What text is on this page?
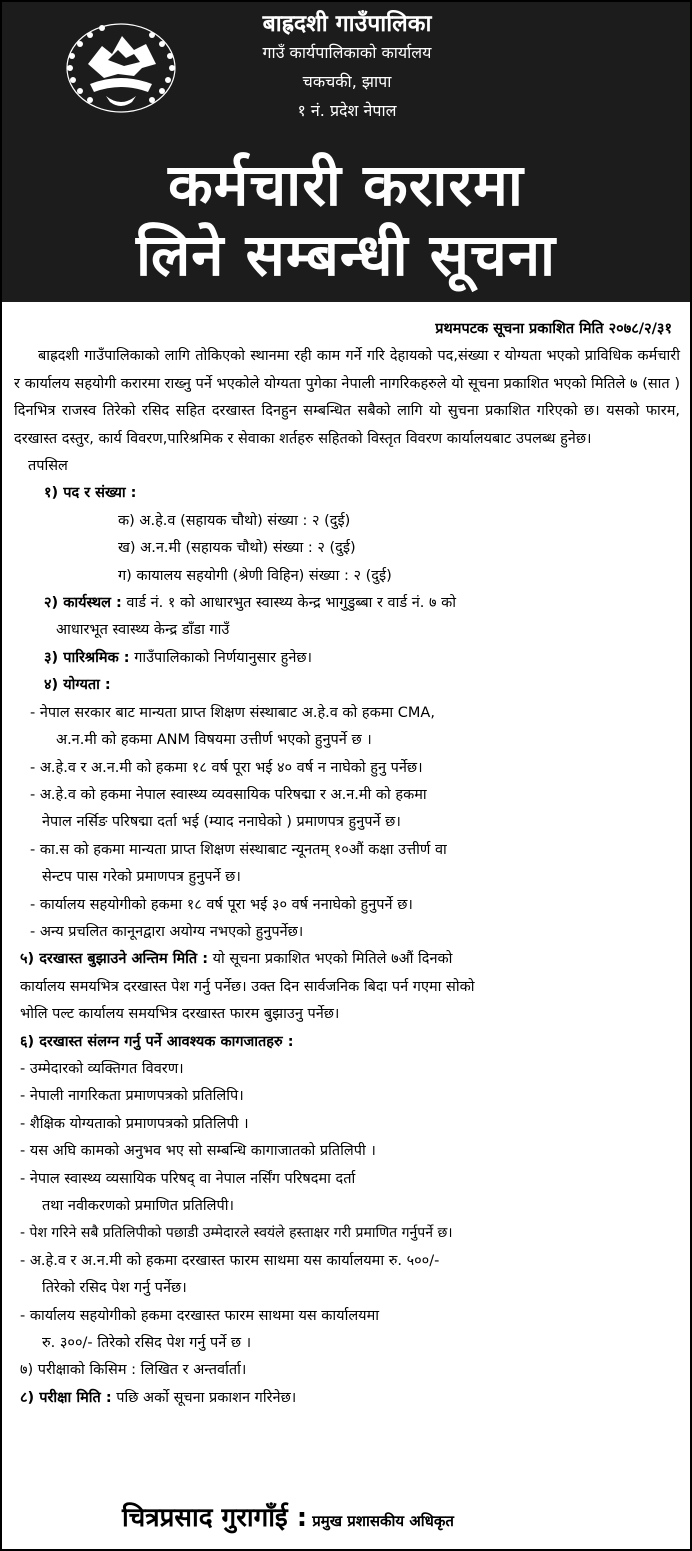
बाह्रदशी गाउँपालिका
गाउँ कार्यपालिकाको कार्यालय
चकचकी, झापा
१ नं. प्रदेश नेपाल
कर्मचारी करारमा
लिने सम्बन्धी सूचना
प्रथमपटक सूचना प्रकाशित मिति २०७८/२/३१
बाह्रदशी गाउँपालिकाको लागि तोकिएको स्थानमा रही काम गर्ने गरि देहायको पद,संख्या र योग्यता भएको प्राविधिक कर्मचारी र कार्यालय सहयोगी करारमा राख्नु पर्ने भएकोले योग्यता पुगेका नेपाली नागरिकहरुले यो सूचना प्रकाशित भएको मितिले ७ (सात ) दिनभित्र राजस्व तिरेको रसिद सहित दरखास्त दिनहुन सम्बन्धित सबैको लागि यो सुचना प्रकाशित गरिएको छ। यसको फारम, दरखास्त दस्तुर, कार्य विवरण,पारिश्रमिक र सेवाका शर्तहरु सहितको विस्तृत विवरण कार्यालयबाट उपलब्ध हुनेछ।
तपसिल
१) पद र संख्या :
क) अ.हे.व (सहायक चौथो) संख्या : २ (दुई)
ख) अ.न.मी (सहायक चौथो) संख्या : २ (दुई)
ग) कायालय सहयोगी (श्रेणी विहिन) संख्या : २ (दुई)
२) कार्यस्थल : वार्ड नं. १ को आधारभुत स्वास्थ्य केन्द्र भागुडुब्बा र वार्ड नं. ७ को
आधारभूत स्वास्थ्य केन्द्र डाँडा गाउँ
३) पारिश्रमिक : गाउँपालिकाको निर्णयानुसार हुनेछ।
४) योग्यता :
- नेपाल सरकार बाट मान्यता प्राप्त शिक्षण संस्थाबाट अ.हे.व को हकमा CMA,
अ.न.मी को हकमा ANM विषयमा उत्तीर्ण भएको हुनुपर्ने छ ।
- अ.हे.व र अ.न.मी को हकमा १८ वर्ष पूरा भई ४० वर्ष न नाघेको हुनु पर्नेछ।
- अ.हे.व को हकमा नेपाल स्वास्थ्य व्यवसायिक परिषद्मा र अ.न.मी को हकमा
नेपाल नर्सिङ परिषद्मा दर्ता भई (म्याद ननाघेको ) प्रमाणपत्र हुनुपर्ने छ।
- का.स को हकमा मान्यता प्राप्त शिक्षण संस्थाबाट न्यूनतम् १०औं कक्षा उत्तीर्ण वा
सेन्टप पास गरेको प्रमाणपत्र हुनुपर्ने छ।
- कार्यालय सहयोगीको हकमा १८ वर्ष पूरा भई ३० वर्ष ननाघेको हुनुपर्ने छ।
- अन्य प्रचलित कानूनद्वारा अयोग्य नभएको हुनुपर्नेछ।
५) दरखास्त बुझाउने अन्तिम मिति : यो सूचना प्रकाशित भएको मितिले ७औं दिनको
कार्यालय समयभित्र दरखास्त पेश गर्नु पर्नेछ। उक्त दिन सार्वजनिक बिदा पर्न गएमा सोको
भोलि पल्ट कार्यालय समयभित्र दरखास्त फारम बुझाउनु पर्नेछ।
६) दरखास्त संलग्न गर्नु पर्ने आवश्यक कागजातहरु :
- उम्मेदारको व्यक्तिगत विवरण।
- नेपाली नागरिकता प्रमाणपत्रको प्रतिलिपि।
- शैक्षिक योग्यताको प्रमाणपत्रको प्रतिलिपी ।
- यस अघि कामको अनुभव भए सो सम्बन्धि कागाजातको प्रतिलिपी ।
- नेपाल स्वास्थ्य व्यसायिक परिषद् वा नेपाल नर्सिंग परिषदमा दर्ता
तथा नवीकरणको प्रमाणित प्रतिलिपी।
- पेश गरिने सबै प्रतिलिपीको पछाडी उम्मेदारले स्वयंले हस्ताक्षर गरी प्रमाणित गर्नुपर्ने छ।
- अ.हे.व र अ.न.मी को हकमा दरखास्त फारम साथमा यस कार्यालयमा रु. ५००/-
तिरेको रसिद पेश गर्नु पर्नेछ।
- कार्यालय सहयोगीको हकमा दरखास्त फारम साथमा यस कार्यालयमा
रु. ३००/- तिरेको रसिद पेश गर्नु पर्ने छ ।
७) परीक्षाको किसिम : लिखित र अन्तर्वार्ता।
८) परीक्षा मिति : पछि अर्को सूचना प्रकाशन गरिनेछ।
चित्रप्रसाद गुरागाँई : प्रमुख प्रशासकीय अधिकृत
